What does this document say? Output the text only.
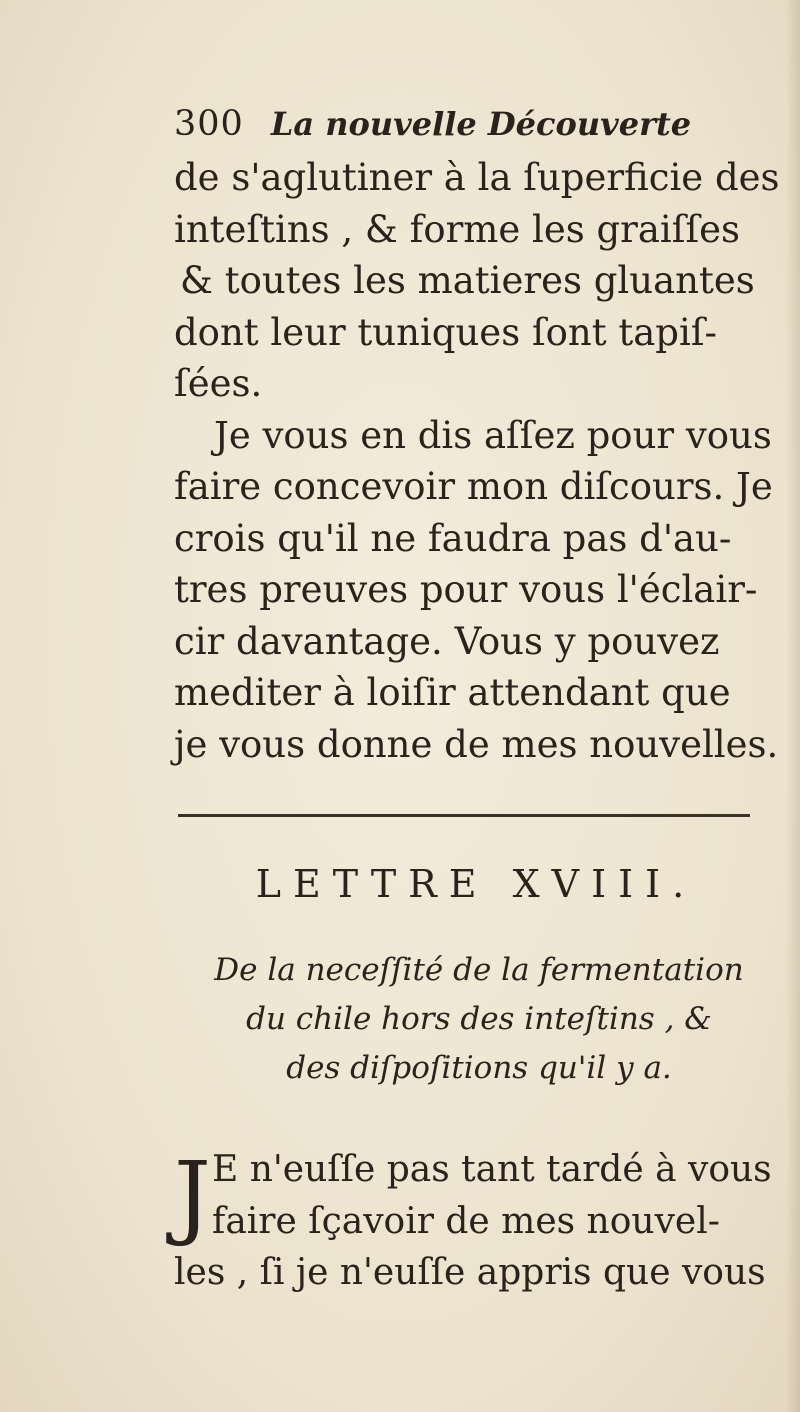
300 La nouvelle Découverte
de s'aglutiner à la ſuperficie des
inteſtins , & forme les graiſſes
& toutes les matieres gluantes
dont leur tuniques ſont tapiſ-
ſées.
Je vous en dis aſſez pour vous
faire concevoir mon diſcours. Je
crois qu'il ne faudra pas d'au-
tres preuves pour vous l'éclair-
cir davantage. Vous y pouvez
mediter à loiſir attendant que
je vous donne de mes nouvelles.
LETTRE XVIII.
De la neceſſité de la fermentation
du chile hors des inteſtins , &
des diſpoſitions qu'il y a.
J E n'euſſe pas tant tardé à vous
faire ſçavoir de mes nouvel-
les , ſi je n'euſſe appris que vous
